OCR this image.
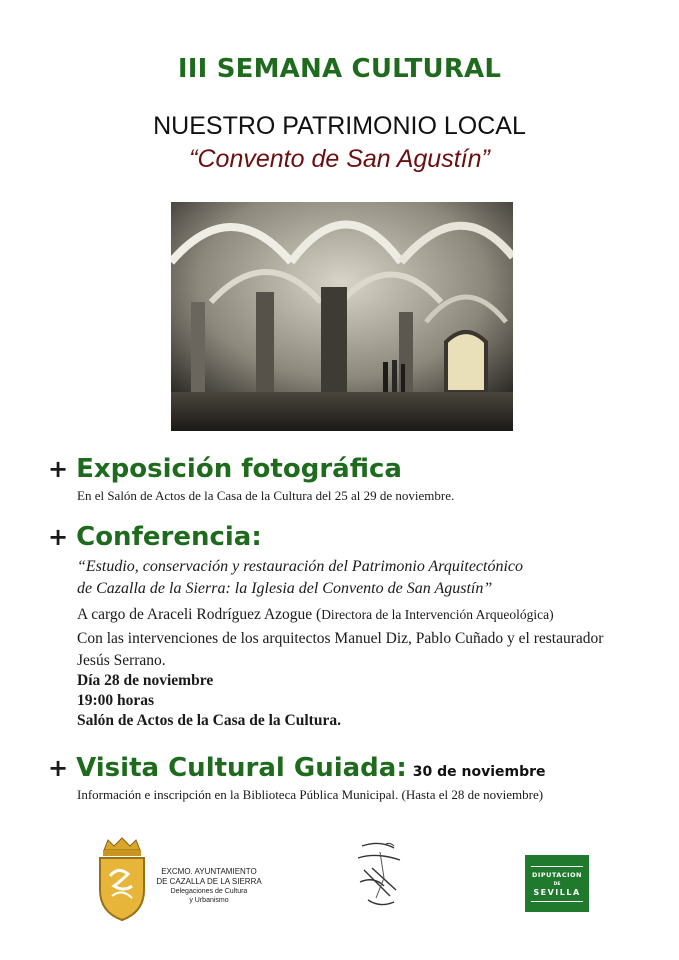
III SEMANA CULTURAL
NUESTRO PATRIMONIO LOCAL
“Convento de San Agustín”
+ Exposición fotográfica
En el Salón de Actos de la Casa de la Cultura del 25 al 29 de noviembre.
+ Conferencia:
“Estudio, conservación y restauración del Patrimonio Arquitectónico
de Cazalla de la Sierra: la Iglesia del Convento de San Agustín”
A cargo de Araceli Rodríguez Azogue (Directora de la Intervención Arqueológica)
Con las intervenciones de los arquitectos Manuel Diz, Pablo Cuñado y el restaurador
Jesús Serrano.
Día 28 de noviembre
19:00 horas
Salón de Actos de la Casa de la Cultura.
+ Visita Cultural Guiada: 30 de noviembre
Información e inscripción en la Biblioteca Pública Municipal. (Hasta el 28 de noviembre)
EXCMO. AYUNTAMIENTO
DE CAZALLA DE LA SIERRA
Delegaciones de Cultura
y Urbanismo
DIPUTACION
DE
SEVILLA
